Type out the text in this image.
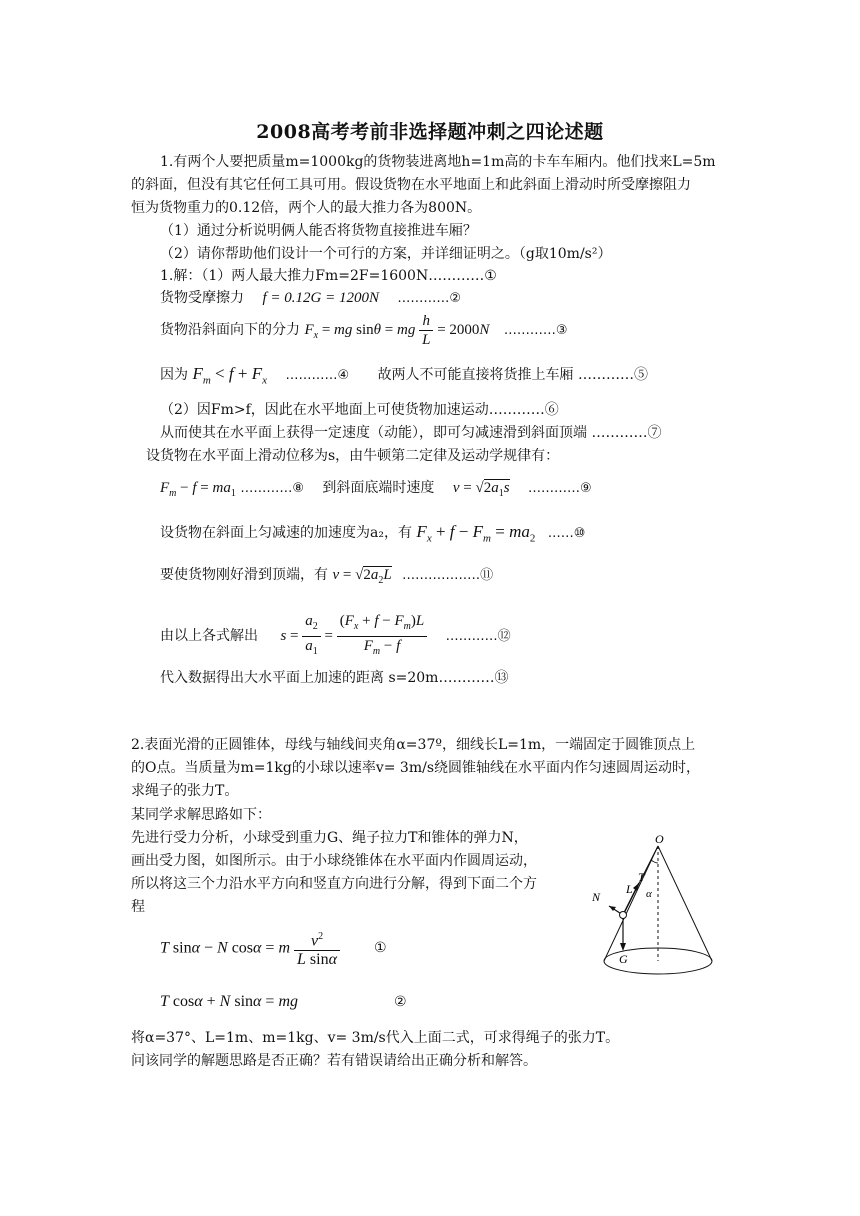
2008高考考前非选择题冲刺之四论述题
1.有两个人要把质量m=1000kg的货物装进离地h=1m高的卡车车厢内。他们找来L=5m
的斜面，但没有其它任何工具可用。假设货物在水平地面上和此斜面上滑动时所受摩擦阻力
恒为货物重力的0.12倍，两个人的最大推力各为800N。
（1）通过分析说明俩人能否将货物直接推进车厢？
（2）请你帮助他们设计一个可行的方案，并详细证明之。（g取10m/s²）
1.解：（1）两人最大推力Fm=2F=1600N…………①
货物受摩擦力 f = 0.12G = 1200N …………②
货物沿斜面向下的分力 $F_x$ = mg sinθ = mg $\frac{h}{L} = 2000N$ …………③
因为 $F_m < f + F_x$ …………④ 故两人不可能直接将货推上车厢 …………⑤
（2）因Fm>f，因此在水平地面上可使货物加速运动…………⑥
从而使其在水平面上获得一定速度（动能），即可匀减速滑到斜面顶端 …………⑦
设货物在水平面上滑动位移为s，由牛顿第二定律及运动学规律有：
$F_m - f = ma_1$ …………⑧ 到斜面底端时速度 $v = √2a_1s$ …………⑨
设货物在斜面上匀减速的加速度为a₂，有 $F_x + f - F_m = ma_2$ ……⑩
要使货物刚好滑到顶端，有 $v = √2a_2L$ ………………⑪
由以上各式解出 $s = \frac{a_2}{a_1} = \frac{(F_x + f - F_m)L}{F_m - f}$ …………⑫
代入数据得出大水平面上加速的距离 s=20m…………⑬
2.表面光滑的正圆锥体，母线与轴线间夹角α=37º，细线长L=1m，一端固定于圆锥顶点上
的O点。当质量为m=1kg的小球以速率v= 3m/s绕圆锥轴线在水平面内作匀速圆周运动时，
求绳子的张力T。
某同学求解思路如下：
先进行受力分析，小球受到重力G、绳子拉力T和锥体的弹力N，
画出受力图，如图所示。由于小球绕锥体在水平面内作圆周运动，
所以将这三个力沿水平方向和竖直方向进行分解，得到下面二个方
程
T sinα − N cosα = m $\frac{v^2}{\text{L sinα}}$ ①
T cosα + N sinα = mg	②
将α=37°、L=1m、m=1kg、v= 3m/s代入上面二式，可求得绳子的张力T。
问该同学的解题思路是否正确？若有错误请给出正确分析和解答。
O
T
L α
N
G
